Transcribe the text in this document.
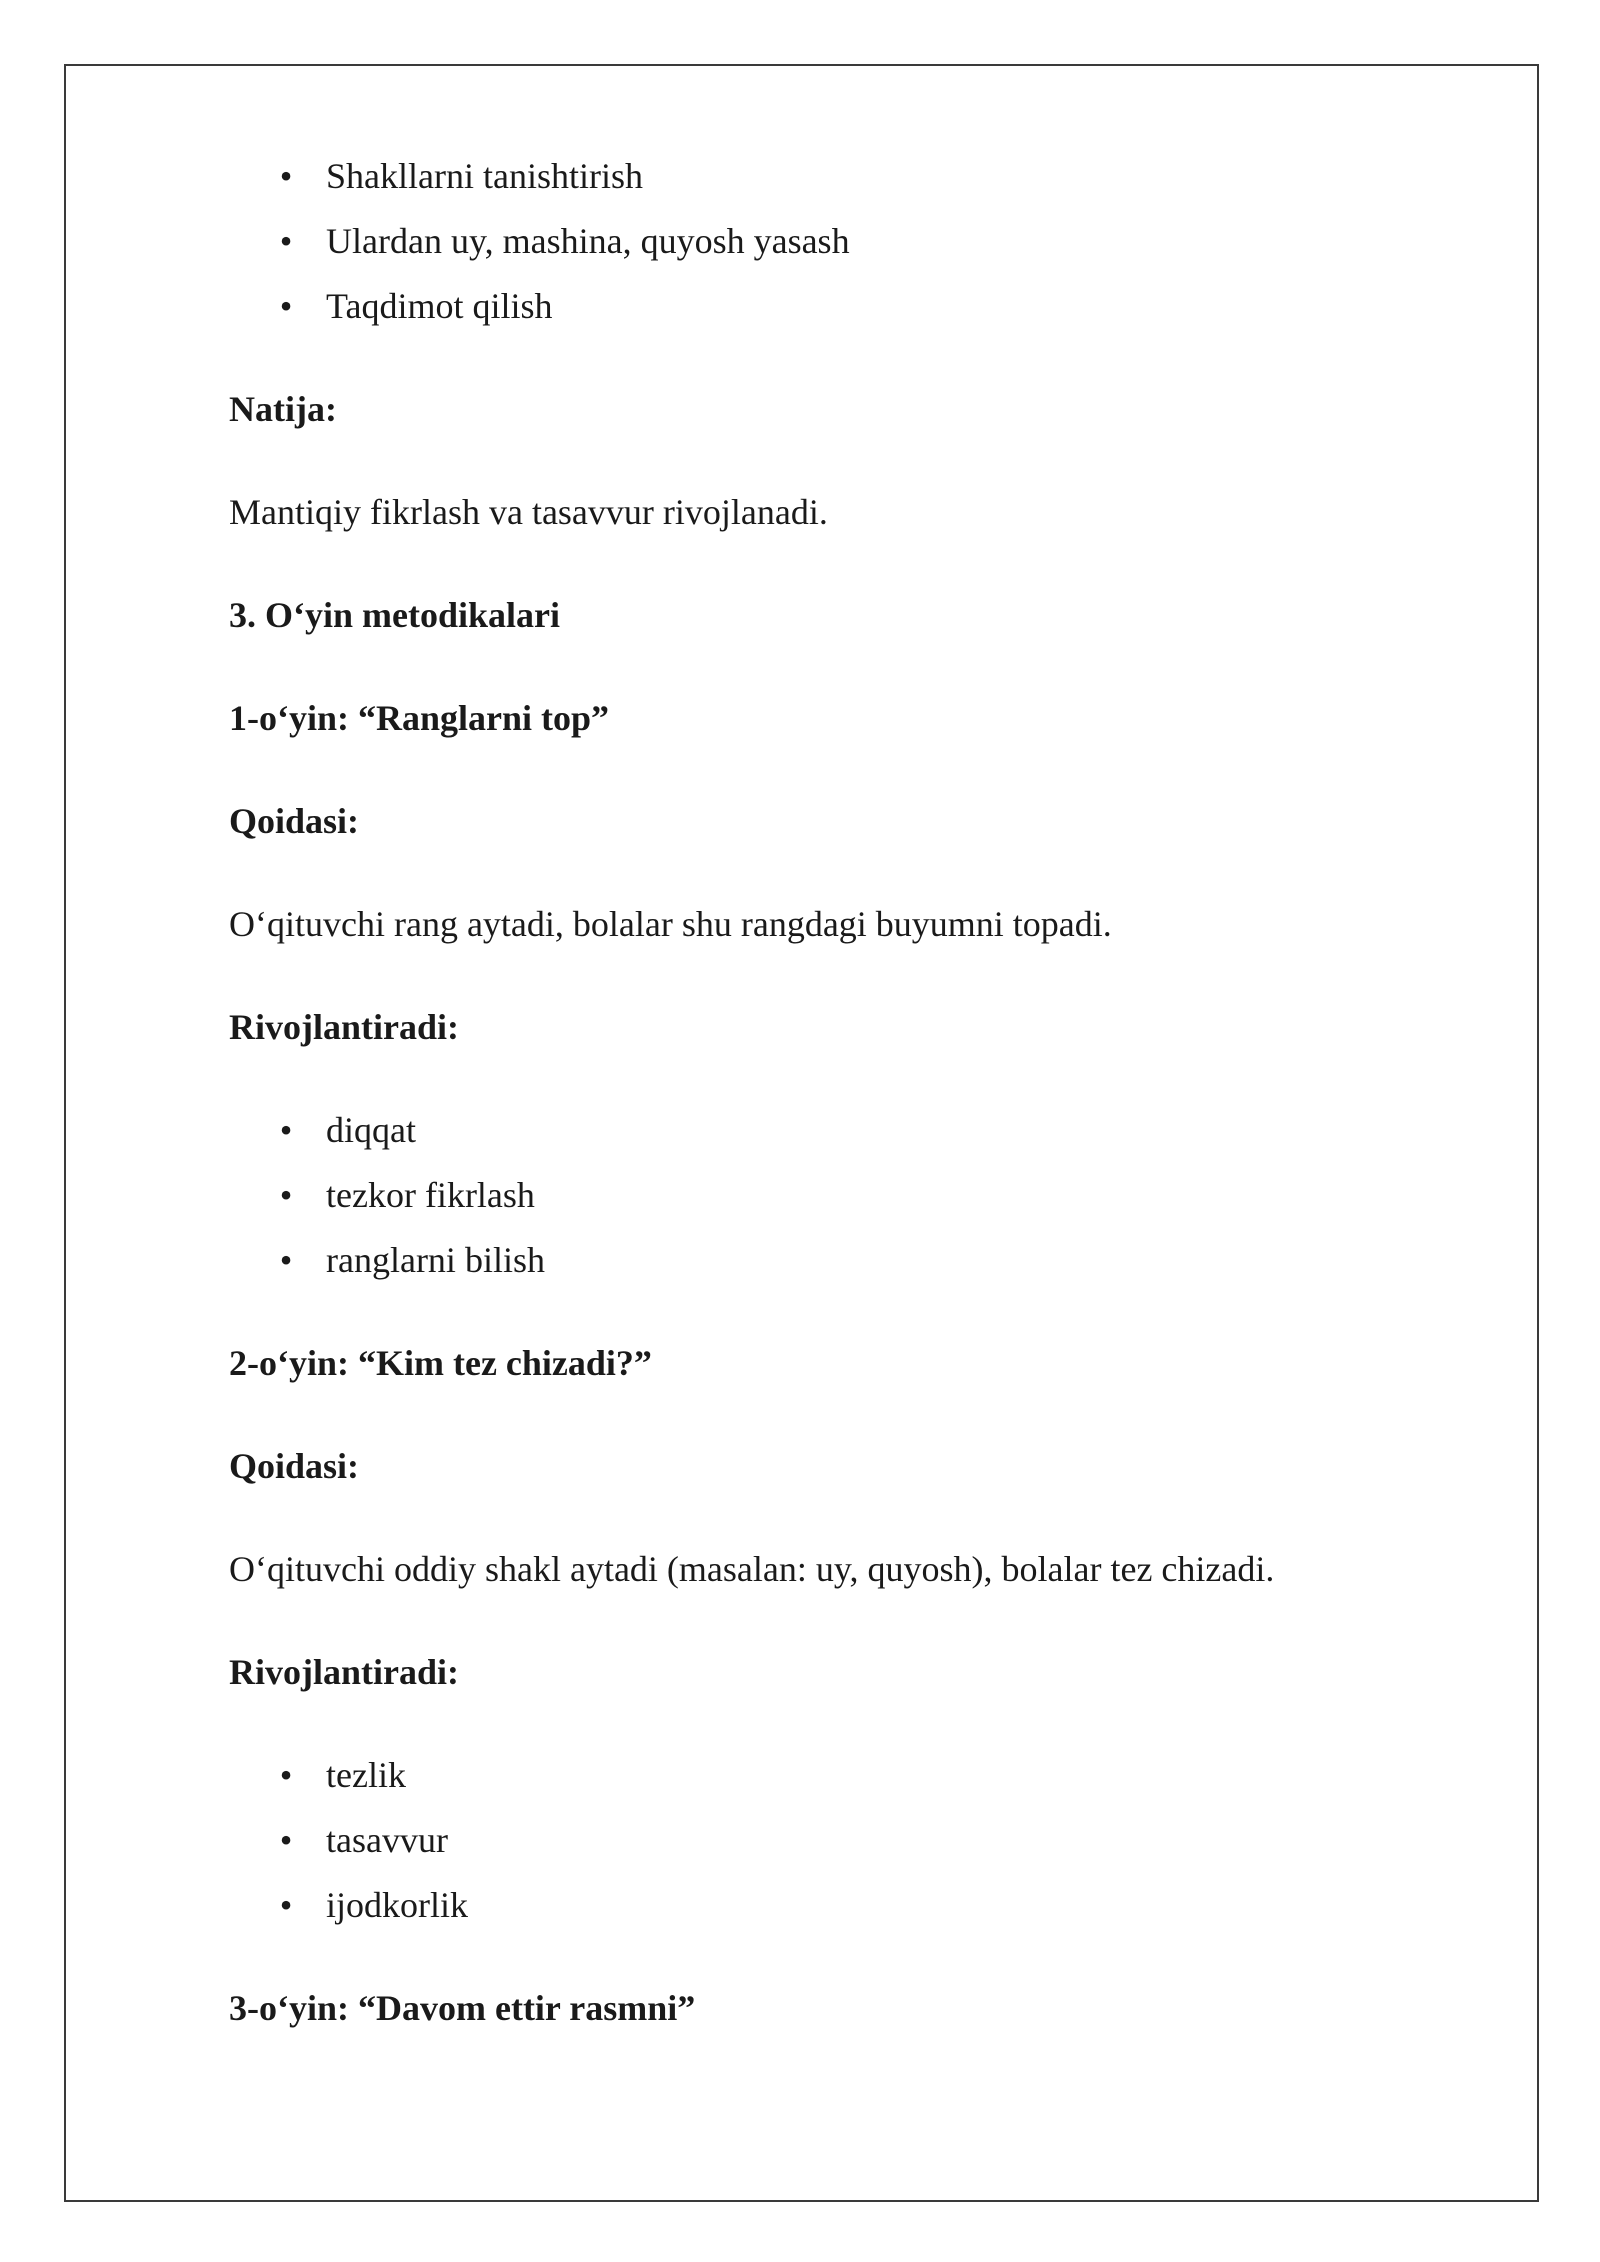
• Shakllarni tanishtirish
• Ulardan uy, mashina, quyosh yasash
• Taqdimot qilish
Natija:
Mantiqiy fikrlash va tasavvur rivojlanadi.
3. O‘yin metodikalari
1-o‘yin: “Ranglarni top”
Qoidasi:
O‘qituvchi rang aytadi, bolalar shu rangdagi buyumni topadi.
Rivojlantiradi:
• diqqat
• tezkor fikrlash
• ranglarni bilish
2-o‘yin: “Kim tez chizadi?”
Qoidasi:
O‘qituvchi oddiy shakl aytadi (masalan: uy, quyosh), bolalar tez chizadi.
Rivojlantiradi:
• tezlik
• tasavvur
• ijodkorlik
3-o‘yin: “Davom ettir rasmni”
